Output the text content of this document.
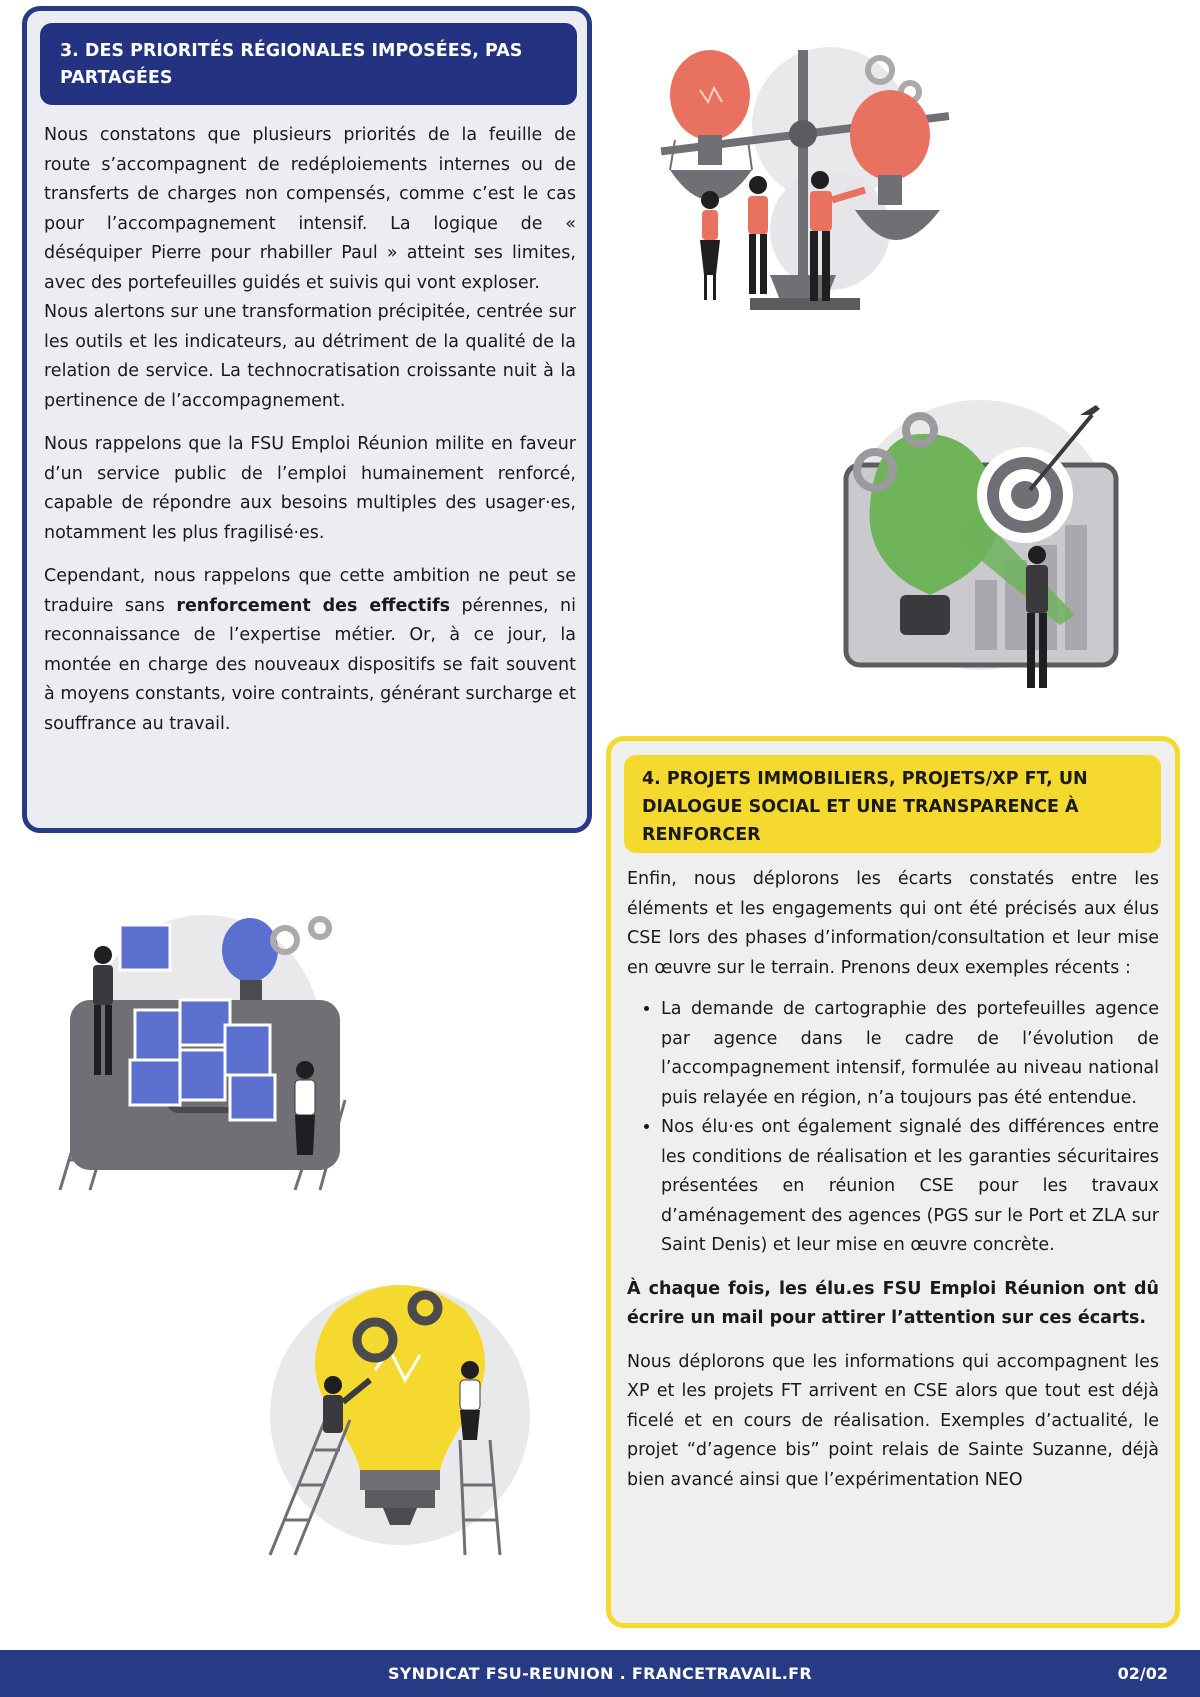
3. DES PRIORITÉS RÉGIONALES IMPOSÉES, PAS PARTAGÉES

Nous constatons que plusieurs priorités de la feuille de route s’accompagnent de redéploiements internes ou de transferts de charges non compensés, comme c’est le cas pour l’accompagnement intensif. La logique de « déséquiper Pierre pour rhabiller Paul » atteint ses limites, avec des portefeuilles guidés et suivis qui vont exploser.

Nous alertons sur une transformation précipitée, centrée sur les outils et les indicateurs, au détriment de la qualité de la relation de service. La technocratisation croissante nuit à la pertinence de l’accompagnement.

Nous rappelons que la FSU Emploi Réunion milite en faveur d’un service public de l’emploi humainement renforcé, capable de répondre aux besoins multiples des usager·es, notamment les plus fragilisé·es.

Cependant, nous rappelons que cette ambition ne peut se traduire sans renforcement des effectifs pérennes, ni reconnaissance de l’expertise métier. Or, à ce jour, la montée en charge des nouveaux dispositifs se fait souvent à moyens constants, voire contraints, générant surcharge et souffrance au travail.

4. PROJETS IMMOBILIERS, PROJETS/XP FT, UN DIALOGUE SOCIAL ET UNE TRANSPARENCE À RENFORCER

Enfin, nous déplorons les écarts constatés entre les éléments et les engagements qui ont été précisés aux élus CSE lors des phases d’information/consultation et leur mise en œuvre sur le terrain. Prenons deux exemples récents :

• La demande de cartographie des portefeuilles agence par agence dans le cadre de l’évolution de l’accompagnement intensif, formulée au niveau national puis relayée en région, n’a toujours pas été entendue.
• Nos élu·es ont également signalé des différences entre les conditions de réalisation et les garanties sécuritaires présentées en réunion CSE pour les travaux d’aménagement des agences (PGS sur le Port et ZLA sur Saint Denis) et leur mise en œuvre concrète.

À chaque fois, les élu.es FSU Emploi Réunion ont dû écrire un mail pour attirer l’attention sur ces écarts.

Nous déplorons que les informations qui accompagnent les XP et les projets FT arrivent en CSE alors que tout est déjà ficelé et en cours de réalisation. Exemples d’actualité, le projet “d’agence bis” point relais de Sainte Suzanne, déjà bien avancé ainsi que l’expérimentation NEO

SYNDICAT FSU-REUNION . FRANCETRAVAIL.FR	02/02
